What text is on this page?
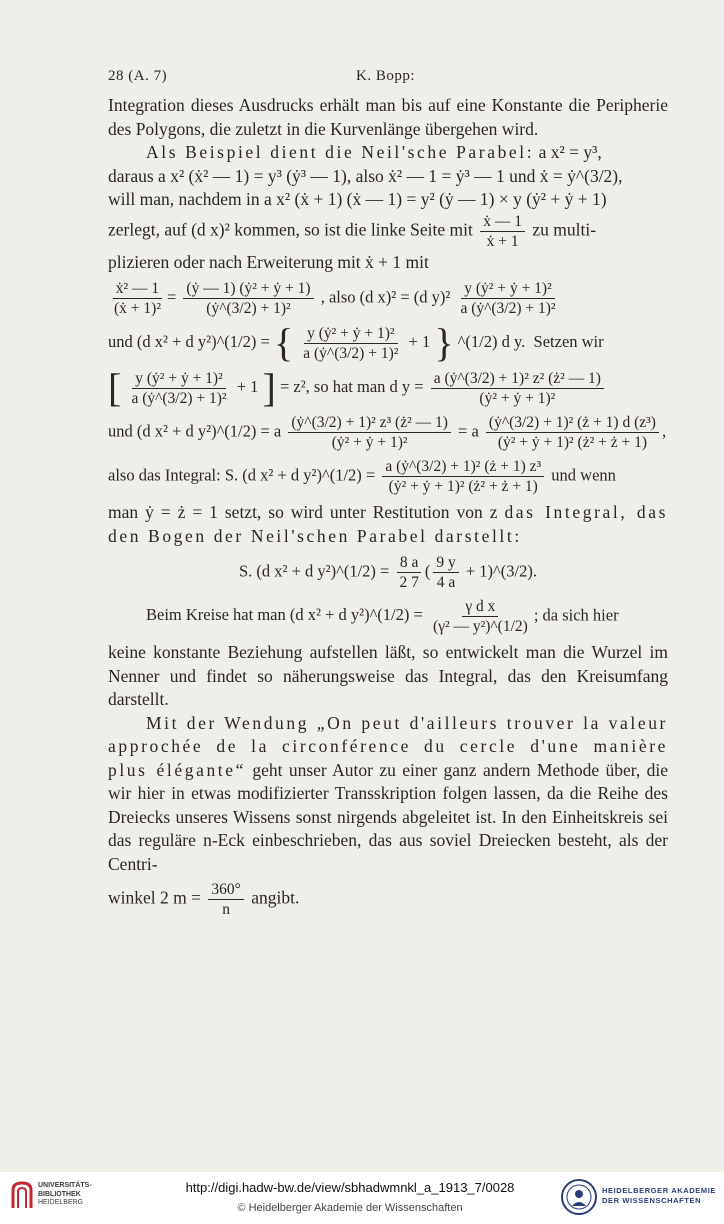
28 (A. 7)	K. Bopp:

Integration dieses Ausdrucks erhält man bis auf eine Konstante die Peripherie des Polygons, die zuletzt in die Kurvenlänge übergehen wird.

Als Beispiel dient die Neil'sche Parabel: a x² = y³,

daraus a x² (ẋ² — 1) = y³ (ẏ³ — 1), also ẋ² — 1 = ẏ³ — 1 und ẋ = ẏ^(3/2),

will man, nachdem in a x² (ẋ + 1) (ẋ — 1) = y² (ẏ — 1) × y (ẏ² + ẏ + 1)

zerlegt, auf (d x)² kommen, so ist die linke Seite mit $\frac{\text{ẋ — 1}}{\text{ẋ + 1}}$ zu multi-

plizieren oder nach Erweiterung mit ẋ + 1 mit

$\frac{\text{ẋ² — 1}}{\text{(ẋ + 1)²}} = \frac{\text{(ẏ — 1) (ẏ² + ẏ + 1)}}{\text{(ẏ\textasciicircum{}(3/2) + 1)²}}$ , also (d x)² = (d $y)^2 \frac{\text{y (ẏ² + ẏ + 1)²}}{\text{a (ẏ\textasciicircum{}(3/2) + 1)²}}$
und (d x² + d y²)^(1/2) = { $\frac{\text{y (ẏ² + ẏ + 1)²}}{\text{a (ẏ\textasciicircum{}(3/2) + 1)²}} + 1$ } ^(1/2) d y. Setzen wir
[ $\frac{\text{y (ẏ² + ẏ + 1)²}}{\text{a (ẏ\textasciicircum{}(3/2) + 1)²}} + 1$ ] = z², so hat man d $y = \frac{\text{a (ẏ\textasciicircum{}(3/2) + 1)² z² (ż² — 1)}}{\text{(ẏ² + ẏ + 1)²}}$
und (d x² + d y²)^(1/2) = a $\frac{\text{(ẏ\textasciicircum{}(3/2) + 1)² z³ (ż² — 1)}}{\text{(ẏ² + ẏ + 1)²}} = a \frac{\text{(ẏ\textasciicircum{}(3/2) + 1)² (ż + 1) d (z³)}}{\text{(ẏ² + ẏ + 1)² (ż² + ż + 1)}}$ ,
also das Integral: S. (d x² + d y²)^(1/2) = $\frac{\text{a (ẏ\textasciicircum{}(3/2) + 1)² (ż + 1) z³}}{\text{(ẏ² + ẏ + 1)² (ż² + ż + 1)}}$ und wenn

man ẏ = ż = 1 setzt, so wird unter Restitution von z das Integral, das den Bogen der Neil'schen Parabel darstellt:

S. (d x² + d y²)^(1/2) = $\frac{8 a}{2 7}$ ( $\frac{9 y}{4 a}$ + 1)^(3/2).
Beim Kreise hat man (d x² + d y²)^(1/2) = $\frac{\text{γ d x}}{\text{(γ² — y²)\textasciicircum{}(1/2)}}$ ; da sich hier

keine konstante Beziehung aufstellen läßt, so entwickelt man die Wurzel im Nenner und findet so näherungsweise das Integral, das den Kreisumfang darstellt.

Mit der Wendung „On peut d'ailleurs trouver la valeur approchée de la circonférence du cercle d'une manière plus élégante“ geht unser Autor zu einer ganz andern Methode über, die wir hier in etwas modifizierter Transskription folgen lassen, da die Reihe des Dreiecks unseres Wissens sonst nirgends abgeleitet ist. In den Einheitskreis sei das reguläre n-Eck einbeschrieben, das aus soviel Dreiecken besteht, als der Centri-

winkel 2 $m = \frac{360^\circ}{n}$ angibt.

UNIVERSITÄTS-
BIBLIOTHEK
HEIDELBERG
http://digi.hadw-bw.de/view/sbhadwmnkl_a_1913_7/0028
© Heidelberger Akademie der Wissenschaften
HEIDELBERGER AKADEMIE
DER WISSENSCHAFTEN
